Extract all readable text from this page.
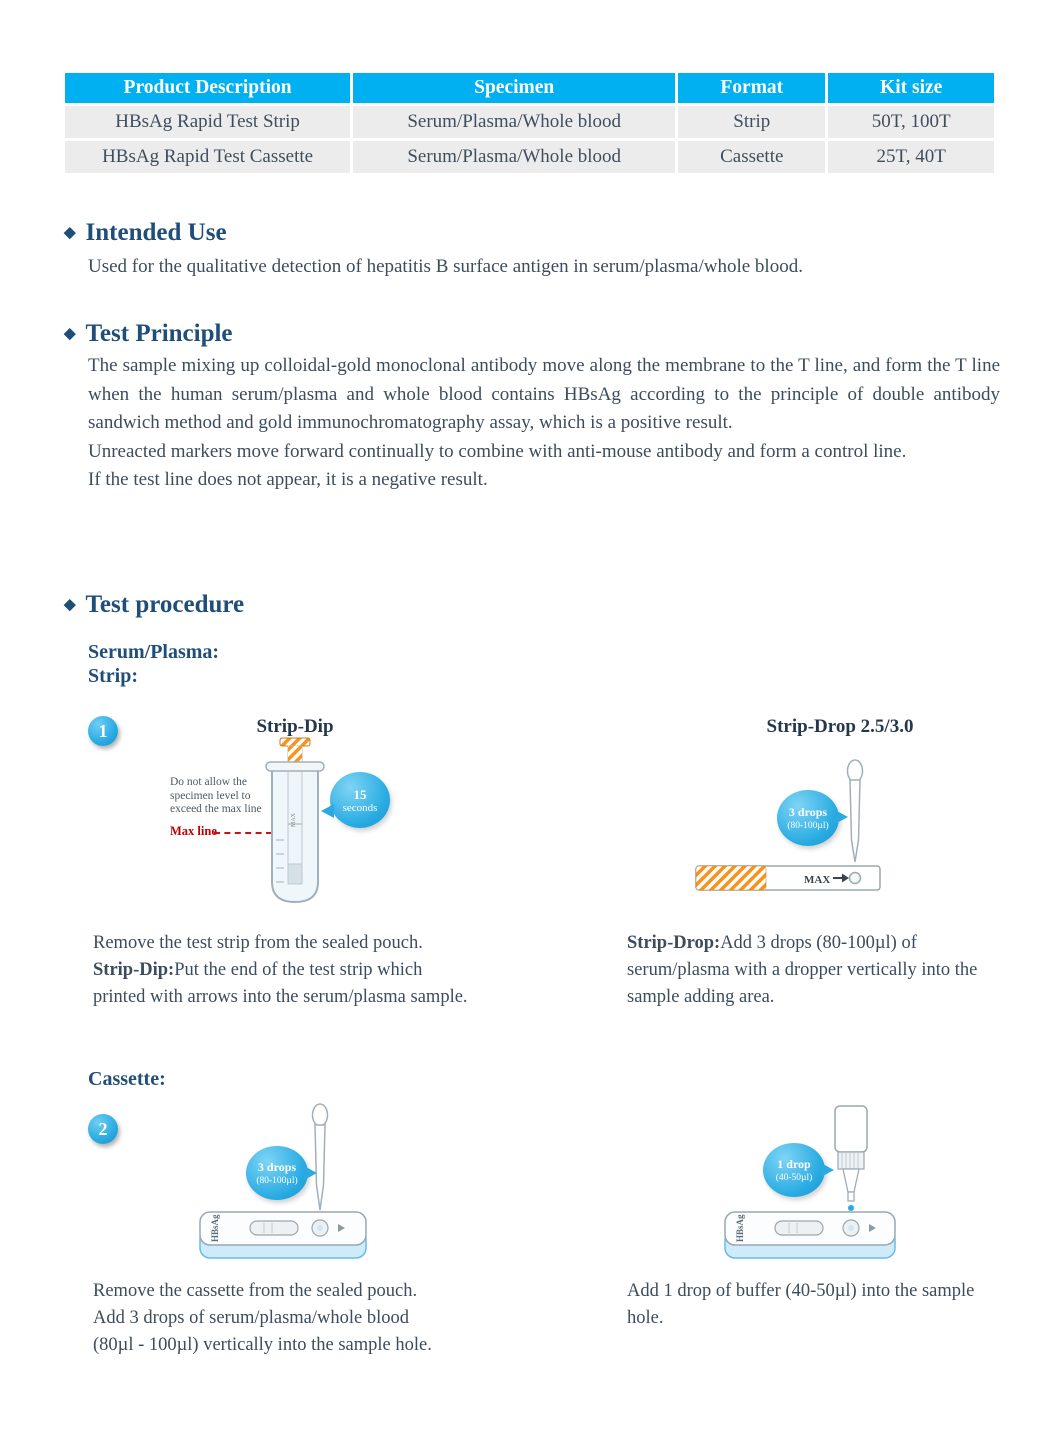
Product Description	Specimen	Format	Kit size
HBsAg Rapid Test Strip	Serum/Plasma/Whole blood	Strip	50T, 100T
HBsAg Rapid Test Cassette	Serum/Plasma/Whole blood	Cassette	25T, 40T
◆ Intended Use
Used for the qualitative detection of hepatitis B surface antigen in serum/plasma/whole blood.
◆ Test Principle

The sample mixing up colloidal-gold monoclonal antibody move along the membrane to the T line, and form the T line when the human serum/plasma and whole blood contains HBsAg according to the principle of double antibody sandwich method and gold immunochromatography assay, which is a positive result.

Unreacted markers move forward continually to combine with anti-mouse antibody and form a control line.

If the test line does not appear, it is a negative result.

◆ Test procedure
Serum/Plasma:
Strip:
1	Strip-Dip	Strip-Drop 2.5/3.0
Do not allow the specimen level to exceed the max line
Max line
15
seconds
MAX
3 drops
(80-100µl)
Remove the test strip from the sealed pouch.
Strip-Dip:Put the end of the test strip which printed with arrows into the serum/plasma sample.
Strip-Drop:Add 3 drops (80-100µl) of serum/plasma with a dropper vertically into the sample adding area.
Cassette:
2
HBsAg
3 drops
(80-100µl)
HBsAg
1 drop
(40-50µl)
Remove the cassette from the sealed pouch.
Add 3 drops of serum/plasma/whole blood
(80µl - 100µl) vertically into the sample hole.
Add 1 drop of buffer (40-50µl) into the sample
hole.
